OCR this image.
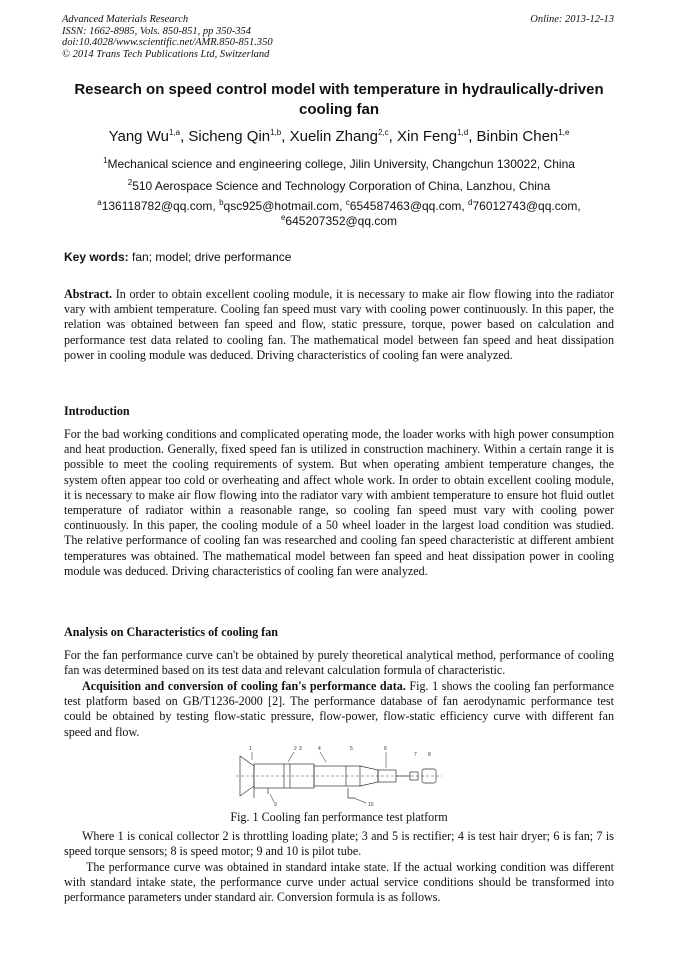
Advanced Materials Research
ISSN: 1662-8985, Vols. 850-851, pp 350-354
doi:10.4028/www.scientific.net/AMR.850-851.350
© 2014 Trans Tech Publications Ltd, Switzerland
Online: 2013-12-13
Research on speed control model with temperature in hydraulically-driven cooling fan
Yang Wu$^{1,a}$, Sicheng Qin$^{1,b}$, Xuelin Zhang$^{2,c}$, Xin Feng$^{1,d}$, Binbin Chen$^{1,e}$
$^1$Mechanical science and engineering college, Jilin University, Changchun 130022, China
$^2$510 Aerospace Science and Technology Corporation of China, Lanzhou, China
$^a$136118782@qq.com, $^b$qsc925@hotmail.com, $^c$654587463@qq.com, $^d$76012743@qq.com,
$^e$645207352@qq.com
Key words: fan; model; drive performance

Abstract. In order to obtain excellent cooling module, it is necessary to make air flow flowing into the radiator vary with ambient temperature. Cooling fan speed must vary with cooling power continuously. In this paper, the relation was obtained between fan speed and flow, static pressure, torque, power based on calculation and performance test data related to cooling fan. The mathematical model between fan speed and heat dissipation power in cooling module was deduced. Driving characteristics of cooling fan were analyzed.

Introduction

For the bad working conditions and complicated operating mode, the loader works with high power consumption and heat production. Generally, fixed speed fan is utilized in construction machinery. Within a certain range it is possible to meet the cooling requirements of system. But when operating ambient temperature changes, the system often appear too cold or overheating and affect whole work. In order to obtain excellent cooling module, it is necessary to make air flow flowing into the radiator vary with ambient temperature to ensure hot fluid outlet temperature of radiator within a reasonable range, so cooling fan speed must vary with cooling power continuously. In this paper, the cooling module of a 50 wheel loader in the largest load condition was studied. The relative performance of cooling fan was researched and cooling fan speed characteristic at different ambient temperatures was obtained. The mathematical model between fan speed and heat dissipation power in cooling module was deduced. Driving characteristics of cooling fan were analyzed.

Analysis on Characteristics of cooling fan

For the fan performance curve can't be obtained by purely theoretical analytical method, performance of cooling fan was determined based on its test data and relevant calculation formula of characteristic.

Acquisition and conversion of cooling fan's performance data. Fig. 1 shows the cooling fan performance test platform based on GB/T1236-2000 [2]. The performance database of fan aerodynamic performance test could be obtained by testing flow-static pressure, flow-power, flow-static efficiency curve with different fan speed and flow.

1	2 3	4	5	6
7 8
9	10
Fig. 1 Cooling fan performance test platform

Where 1 is conical collector 2 is throttling loading plate; 3 and 5 is rectifier; 4 is test hair dryer; 6 is fan; 7 is speed torque sensors; 8 is speed motor; 9 and 10 is pilot tube.

The performance curve was obtained in standard intake state. If the actual working condition was different with standard intake state, the performance curve under actual service conditions should be transformed into performance parameters under standard air. Conversion formula is as follows.
